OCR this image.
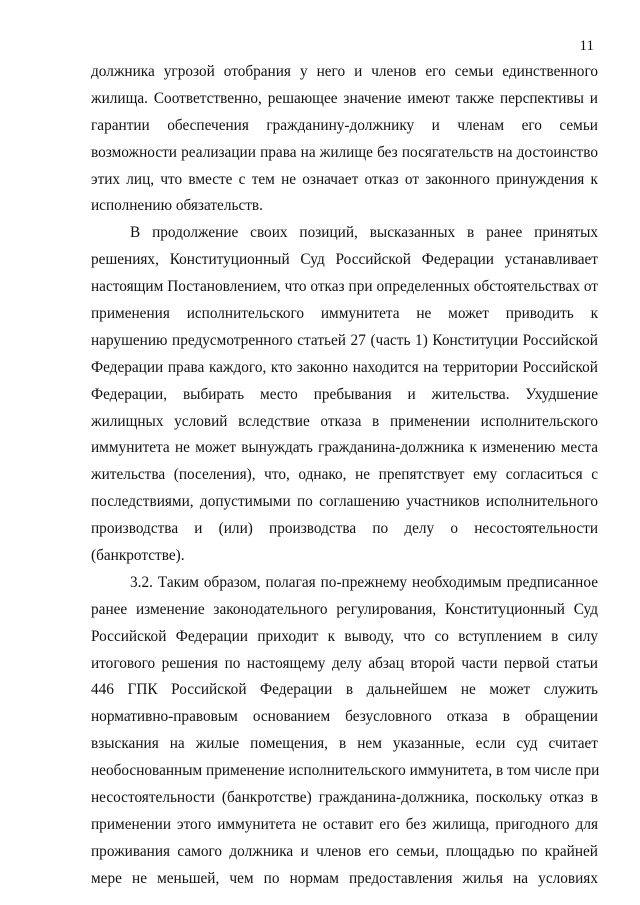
11
должника угрозой отобрания у него и членов его семьи единственного
жилища. Соответственно, решающее значение имеют также перспективы и
гарантии обеспечения гражданину-должнику и членам его семьи
возможности реализации права на жилище без посягательств на достоинство
этих лиц, что вместе с тем не означает отказ от законного принуждения к
исполнению обязательств.
В продолжение своих позиций, высказанных в ранее принятых
решениях, Конституционный Суд Российской Федерации устанавливает
настоящим Постановлением, что отказ при определенных обстоятельствах от
применения исполнительского иммунитета не может приводить к
нарушению предусмотренного статьей 27 (часть 1) Конституции Российской
Федерации права каждого, кто законно находится на территории Российской
Федерации, выбирать место пребывания и жительства. Ухудшение
жилищных условий вследствие отказа в применении исполнительского
иммунитета не может вынуждать гражданина-должника к изменению места
жительства (поселения), что, однако, не препятствует ему согласиться с
последствиями, допустимыми по соглашению участников исполнительного
производства и (или) производства по делу о несостоятельности
(банкротстве).
3.2. Таким образом, полагая по-прежнему необходимым предписанное
ранее изменение законодательного регулирования, Конституционный Суд
Российской Федерации приходит к выводу, что со вступлением в силу
итогового решения по настоящему делу абзац второй части первой статьи
446 ГПК Российской Федерации в дальнейшем не может служить
нормативно-правовым основанием безусловного отказа в обращении
взыскания на жилые помещения, в нем указанные, если суд считает
необоснованным применение исполнительского иммунитета, в том числе при
несостоятельности (банкротстве) гражданина-должника, поскольку отказ в
применении этого иммунитета не оставит его без жилища, пригодного для
проживания самого должника и членов его семьи, площадью по крайней
мере не меньшей, чем по нормам предоставления жилья на условиях
